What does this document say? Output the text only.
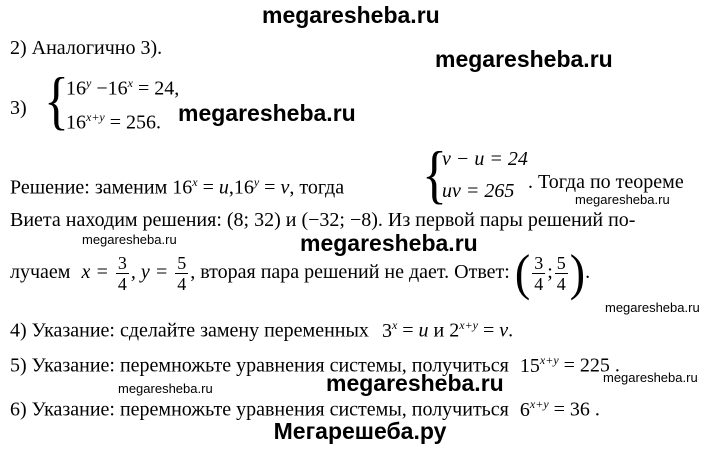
megaresheba.ru
megaresheba.ru
megaresheba.ru
megaresheba.ru
megaresheba.ru	megaresheba.ru
megaresheba.ru
megaresheba.ru
megaresheba.ru	megaresheba.ru
2) Аналогично 3).
3) {
$16^y -16^x = 24$,
$16^{x+y} = 256$.
Решение: заменим $16^x = u,16^y = v$, тогда {
v − u = 24
uv = 265 . Тогда по теореме
Виета находим решения: (8; 32) и (−32; −8). Из первой пары решений по-
лучаем $x = \frac{3}{4}$ , $y = \frac{5}{4}$ , вторая пара решений не дает. Ответ: ( $\frac{3}{4}$ ; $\frac{5}{4}$ ).
4) Указание: сделайте замену переменных $3^x = u$ и $2^{x+y} = v$.
5) Указание: перемножьте уравнения системы, получиться $15^{x+y} = 225$ .
6) Указание: перемножьте уравнения системы, получиться $6^{x+y} = 36$ .
Мегарешеба.ру
